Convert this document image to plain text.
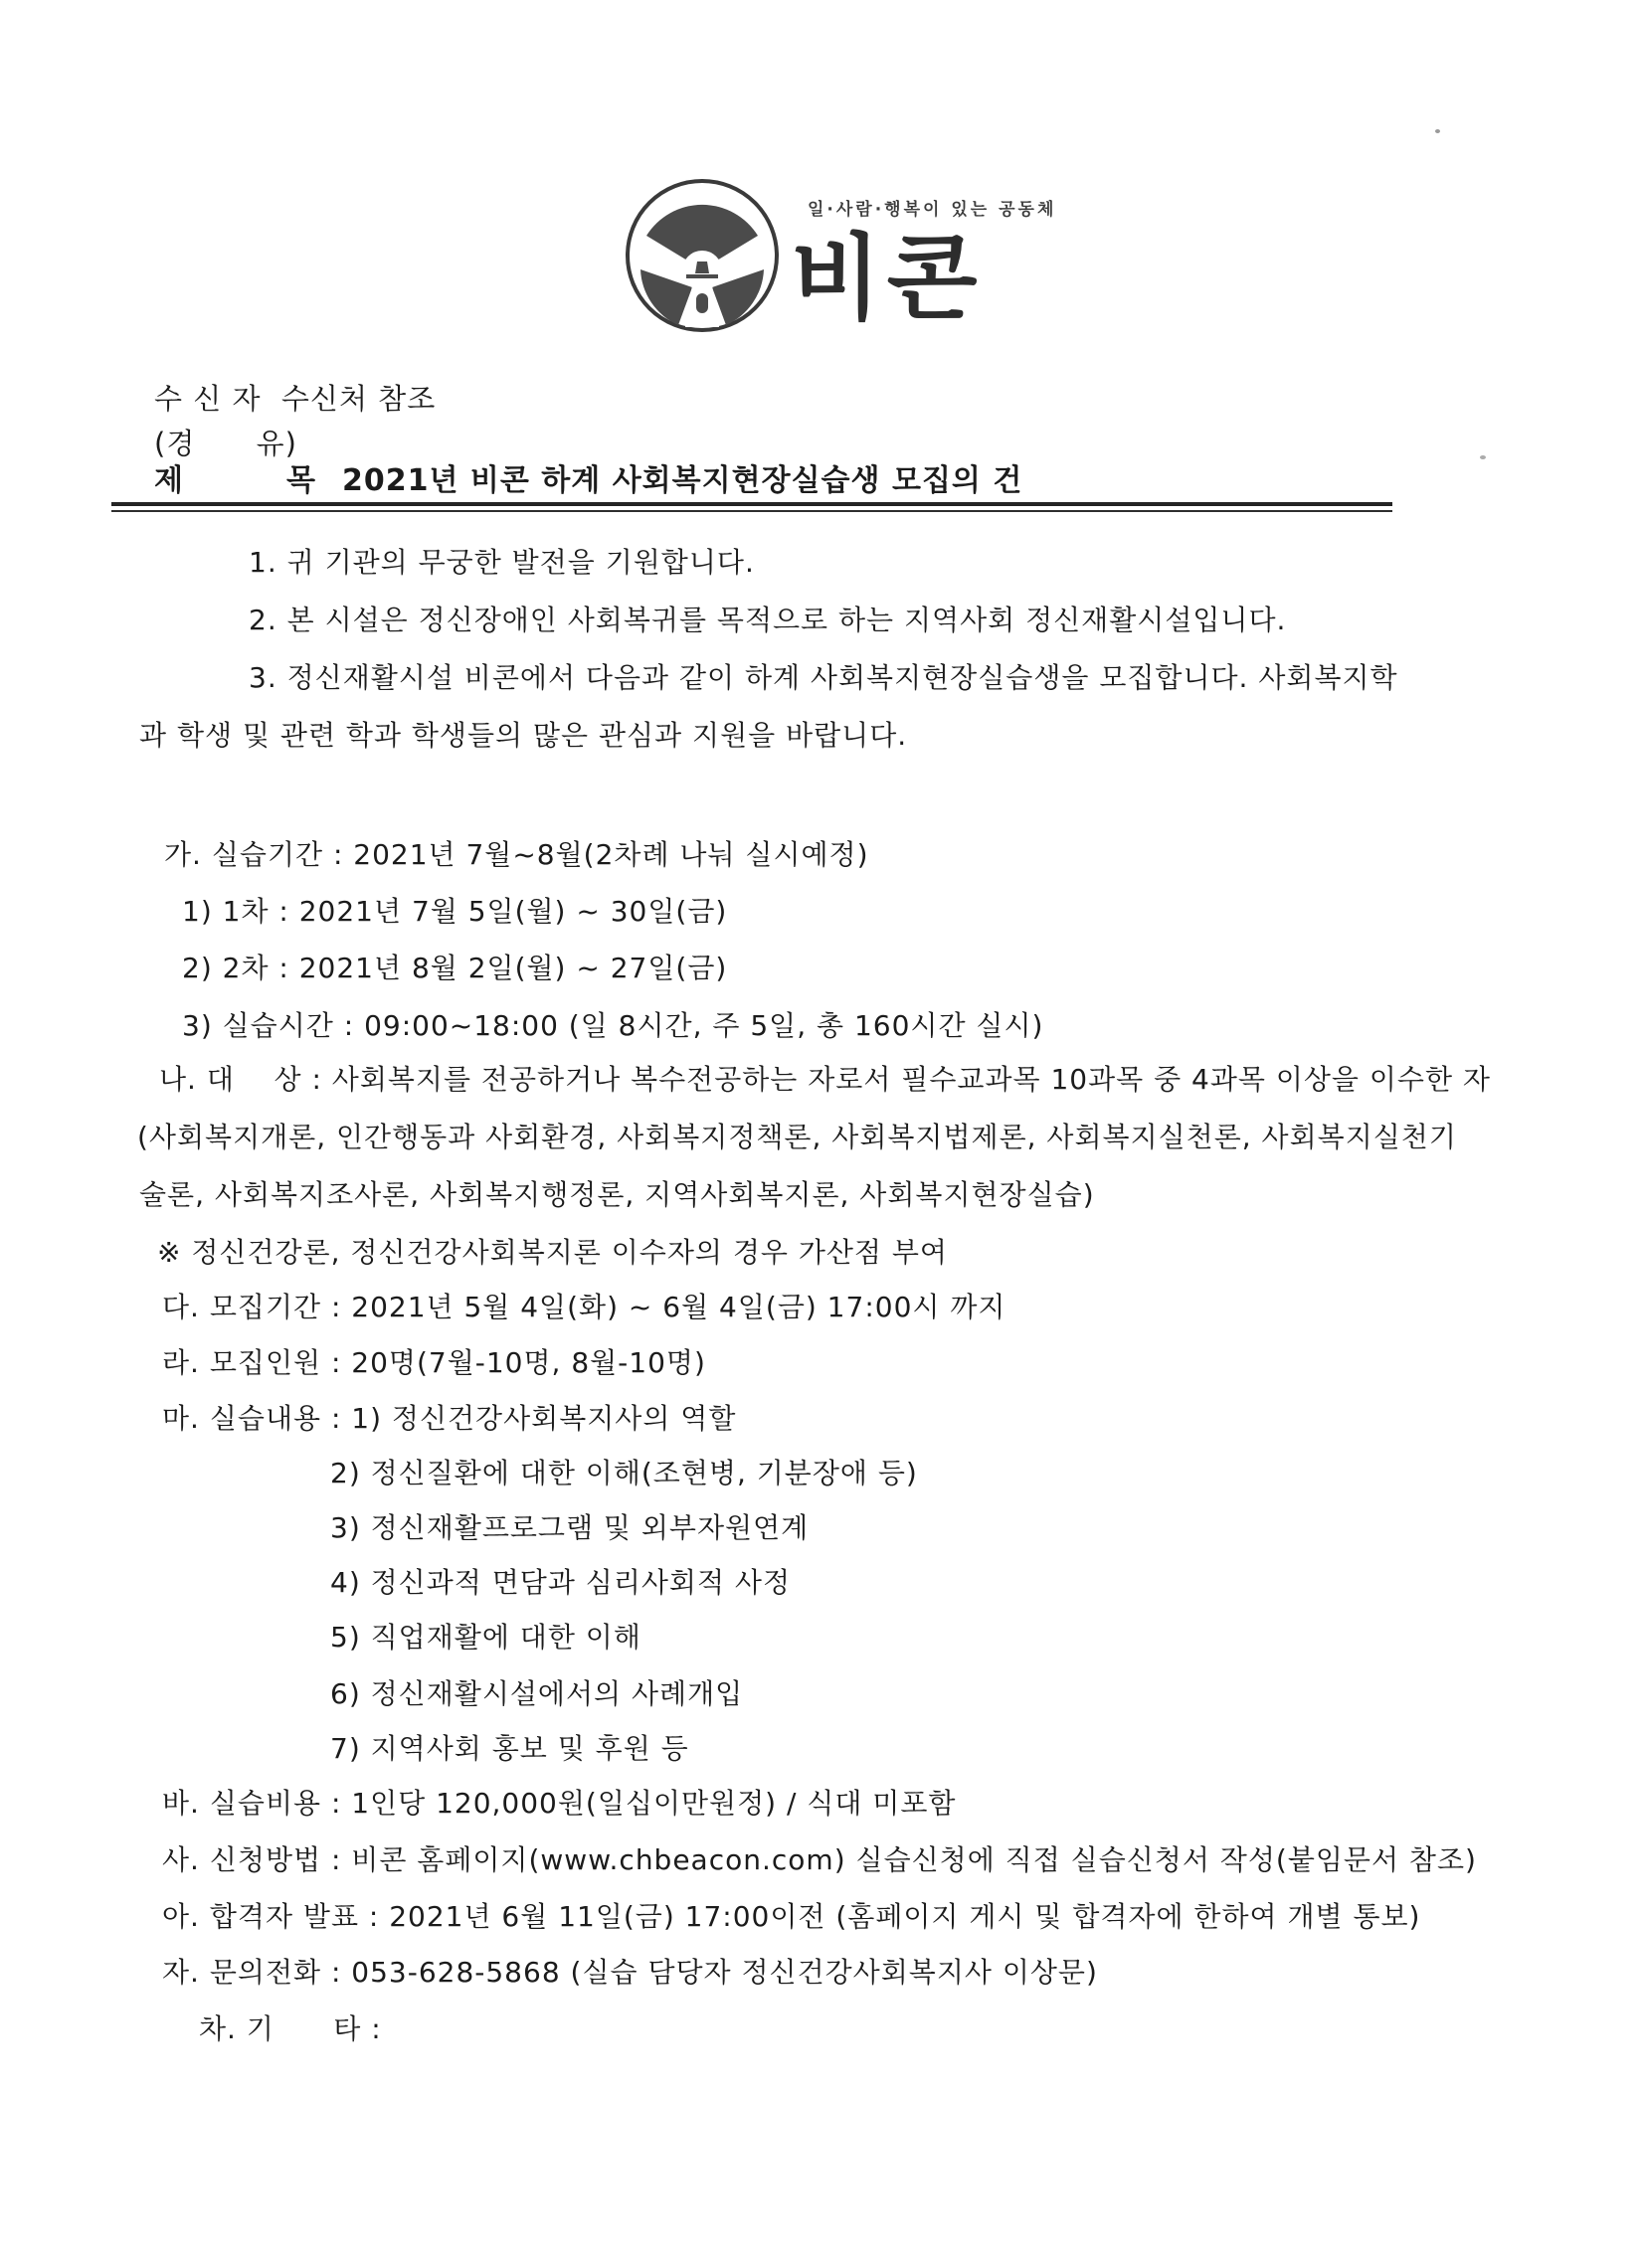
일·사람·행복이 있는 공동체
비콘
수 신 자  수신처 참조
(경      유)
제         목 2021년 비콘 하계 사회복지현장실습생 모집의 건
1. 귀 기관의 무궁한 발전을 기원합니다.
2. 본 시설은 정신장애인 사회복귀를 목적으로 하는 지역사회 정신재활시설입니다.
3. 정신재활시설 비콘에서 다음과 같이 하계 사회복지현장실습생을 모집합니다. 사회복지학
과 학생 및 관련 학과 학생들의 많은 관심과 지원을 바랍니다.
가. 실습기간 : 2021년 7월~8월(2차례 나눠 실시예정)
1) 1차 : 2021년 7월 5일(월) ~ 30일(금)
2) 2차 : 2021년 8월 2일(월) ~ 27일(금)
3) 실습시간 : 09:00~18:00 (일 8시간, 주 5일, 총 160시간 실시)
나. 대    상 : 사회복지를 전공하거나 복수전공하는 자로서 필수교과목 10과목 중 4과목 이상을 이수한 자
(사회복지개론, 인간행동과 사회환경, 사회복지정책론, 사회복지법제론, 사회복지실천론, 사회복지실천기
술론, 사회복지조사론, 사회복지행정론, 지역사회복지론, 사회복지현장실습)
※ 정신건강론, 정신건강사회복지론 이수자의 경우 가산점 부여
다. 모집기간 : 2021년 5월 4일(화) ~ 6월 4일(금) 17:00시 까지
라. 모집인원 : 20명(7월-10명, 8월-10명)
마. 실습내용 : 1) 정신건강사회복지사의 역할
2) 정신질환에 대한 이해(조현병, 기분장애 등)
3) 정신재활프로그램 및 외부자원연계
4) 정신과적 면담과 심리사회적 사정
5) 직업재활에 대한 이해
6) 정신재활시설에서의 사례개입
7) 지역사회 홍보 및 후원 등
바. 실습비용 : 1인당 120,000원(일십이만원정) / 식대 미포함
사. 신청방법 : 비콘 홈페이지(www.chbeacon.com) 실습신청에 직접 실습신청서 작성(붙임문서 참조)
아. 합격자 발표 : 2021년 6월 11일(금) 17:00이전 (홈페이지 게시 및 합격자에 한하여 개별 통보)
자. 문의전화 : 053-628-5868 (실습 담당자 정신건강사회복지사 이상문)
차. 기      타 :
